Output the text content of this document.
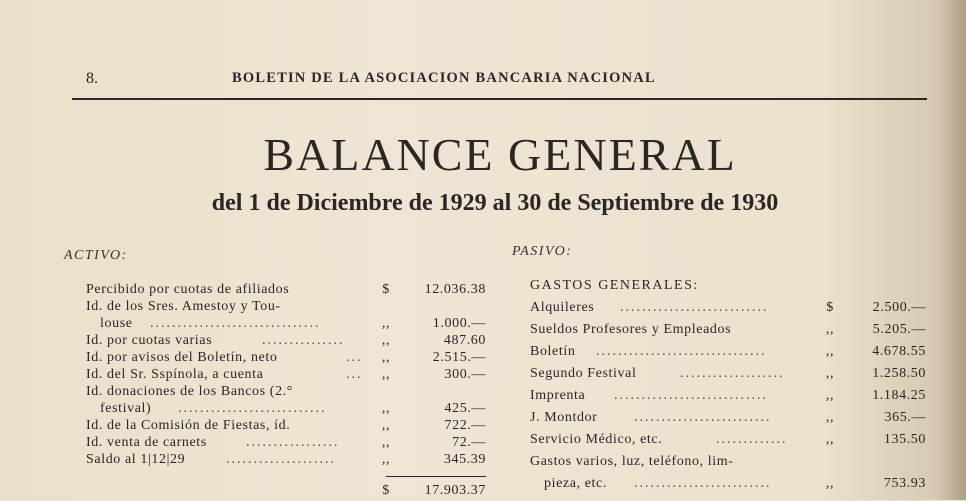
8.	BOLETIN DE LA ASOCIACION BANCARIA NACIONAL
BALANCE GENERAL
del 1 de Diciembre de 1929 al 30 de Septiembre de 1930
ACTIVO:	PASIVO:
Percibido por cuotas de afiliados	$	12.036.38
Id. de los Sres. Amestoy y Tou-
louse ...............................	,,	1.000.—
Id. por cuotas varias	...............	,,	487.60
Id. por avisos del Boletín, neto	...	,,	2.515.—
Id. del Sr. Sspínola, a cuenta	...	,,	300.—
Id. donaciones de los Bancos (2.°
festival) ...........................	,,	425.—
Id. de la Comisión de Fiestas, íd.	,,	722.—
Id. venta de carnets	.................	,,	72.—
Saldo al 1|12|29	....................	,,	345.39
$	17.903.37
GASTOS GENERALES:
Alquileres ...........................	$	2.500.—
Sueldos Profesores y Empleados	,,	5.205.—
Boletín ...............................	,,	4.678.55
Segundo Festival	...................	,,	1.258.50
Imprenta ............................	,,	1.184.25
J. Montdor	.........................	,,	365.—
Servicio Médico, etc.	.............	,,	135.50
Gastos varios, luz, teléfono, lim-
pieza, etc. .........................	,,	753.93
